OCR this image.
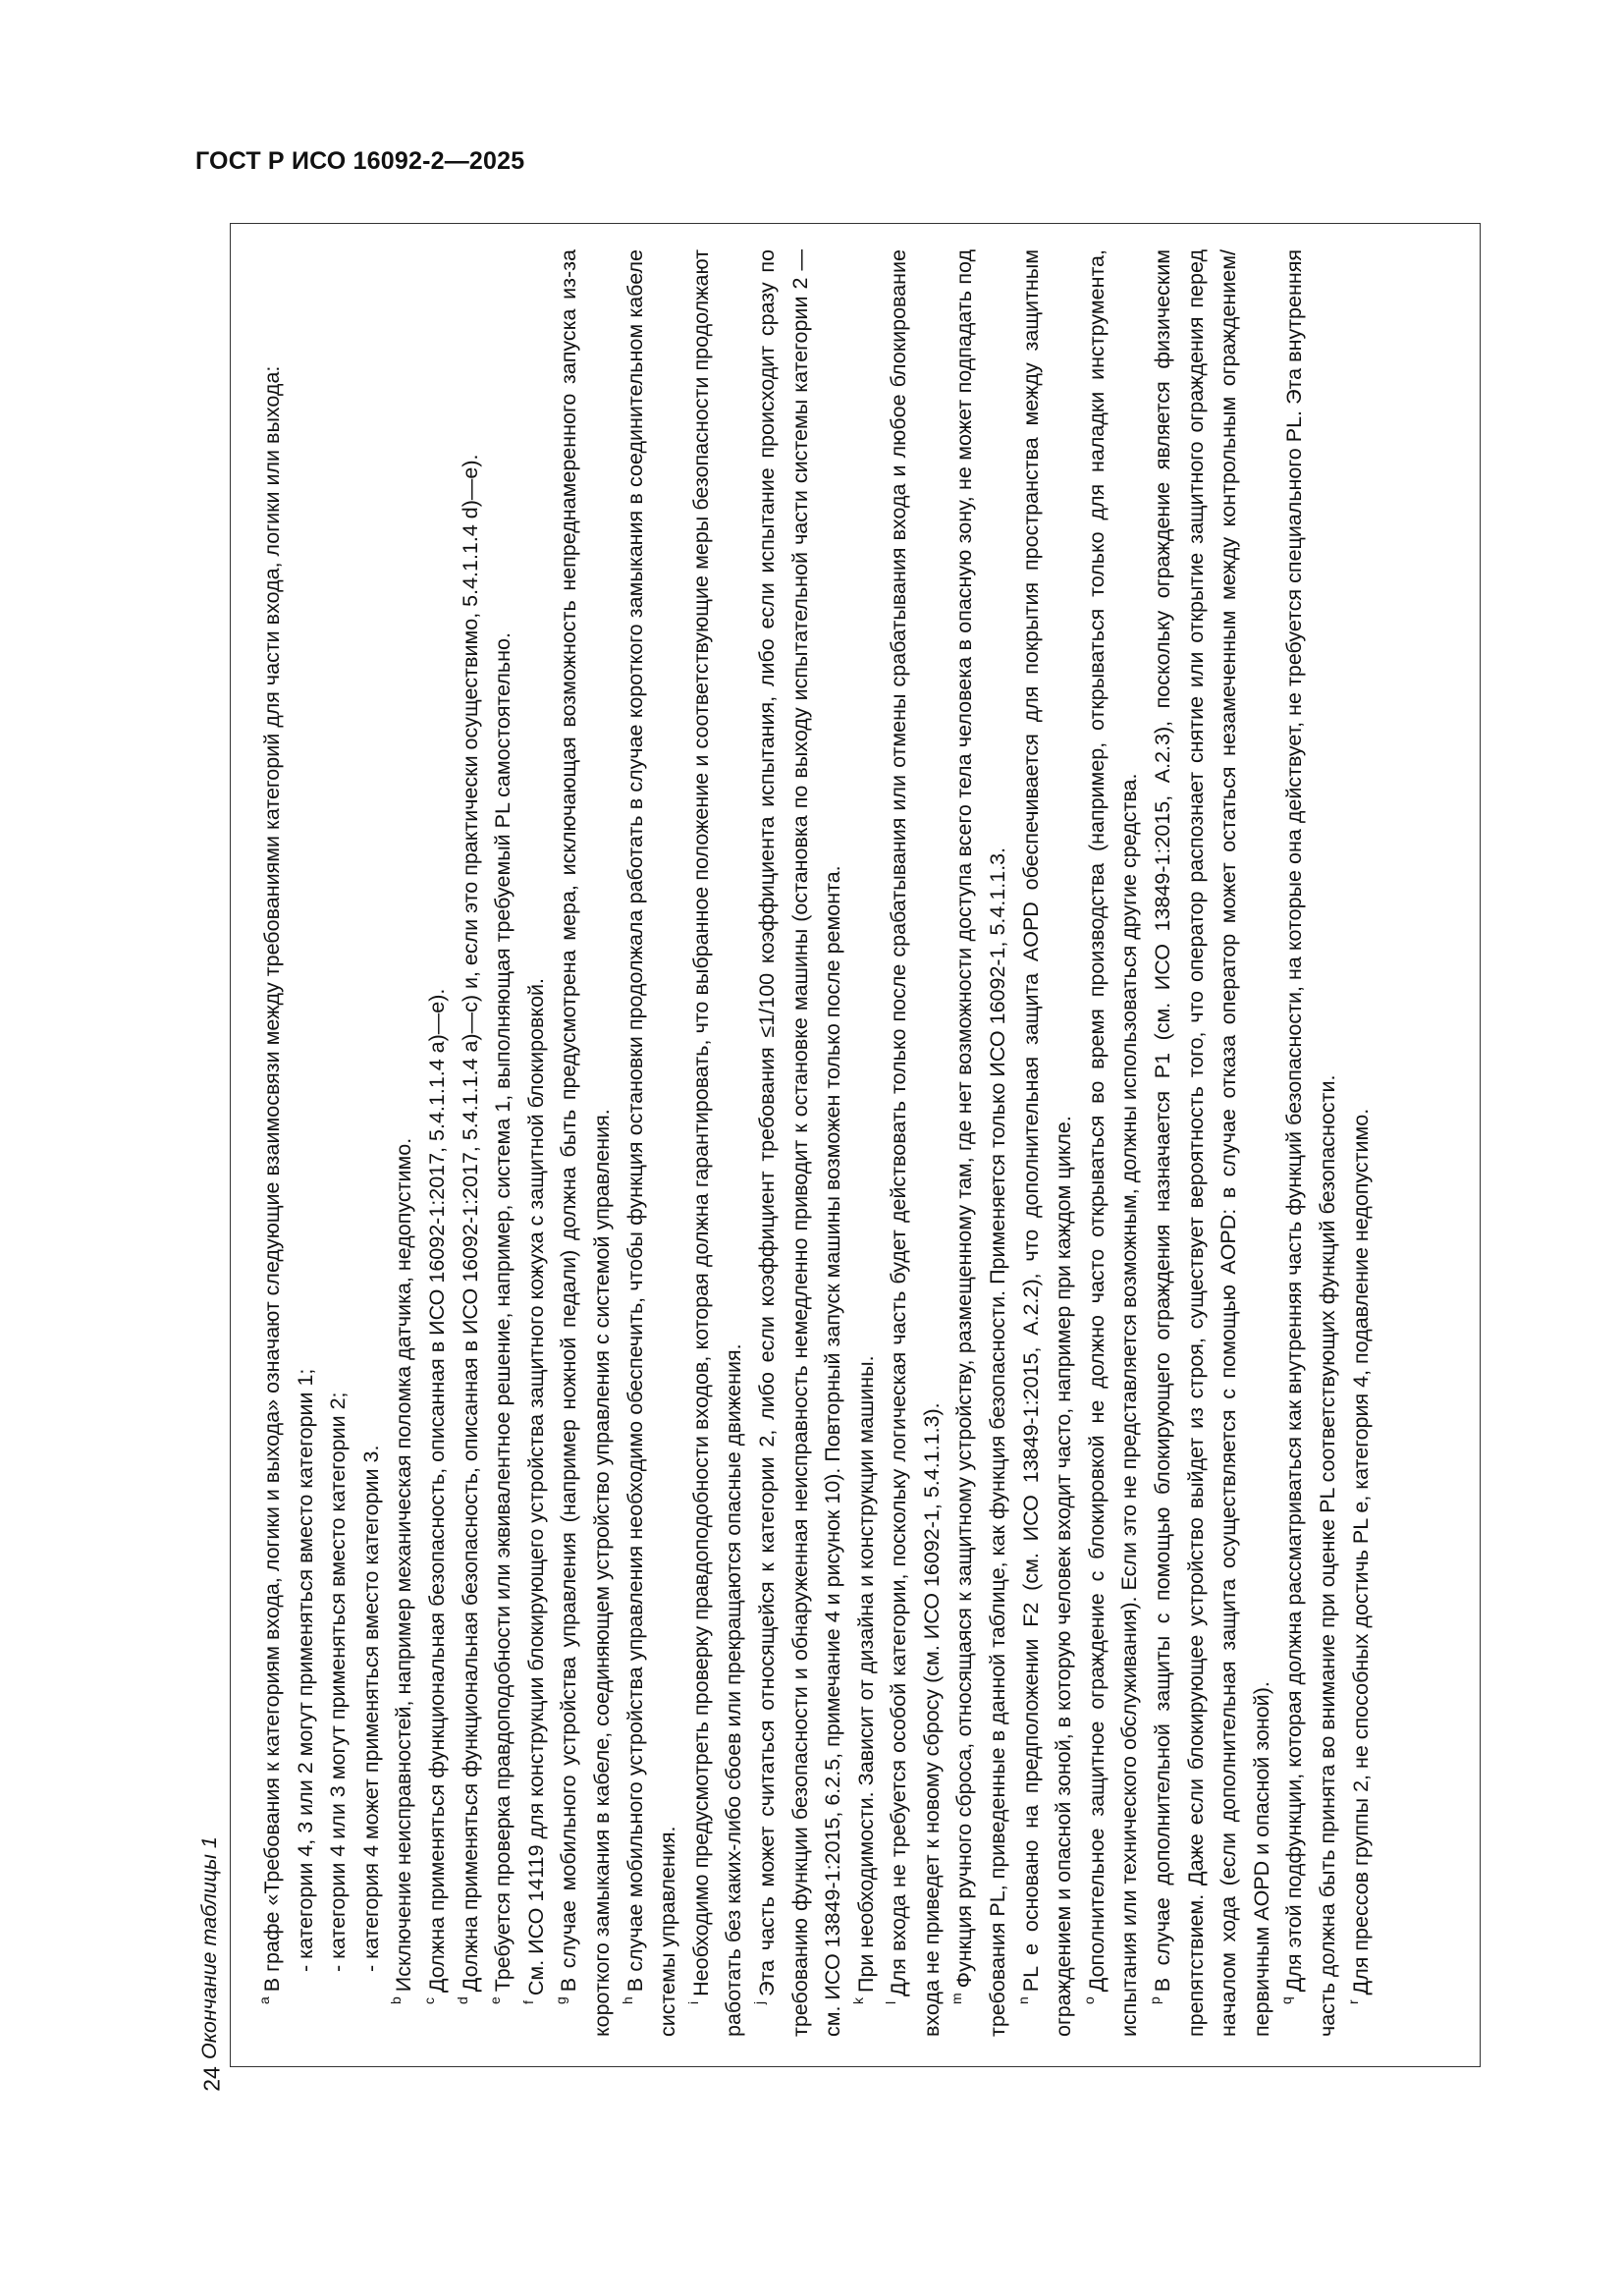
ГОСТ Р ИСО 16092-2—2025
24
Окончание таблицы 1	$^a$В графе «Требования к категориям входа, логики и выхода» означают следующие взаимосвязи между требованиями категорий для части входа, логики или выхода: - категории 4, 3 или 2 могут применяться вместо категории 1; - категории 4 или 3 могут применяться вместо категории 2; - категория 4 может применяться вместо категории 3.

$^b$Исключение неисправностей, например механическая поломка датчика, недопустимо.

$^c$Должна применяться функциональная безопасность, описанная в ИСО 16092-1:2017, 5.4.1.1.4 a)—e).

$^d$Должна применяться функциональная безопасность, описанная в ИСО 16092-1:2017, 5.4.1.1.4 a)—c) и, если это практически осуществимо, 5.4.1.1.4 d)—e).

$^e$Требуется проверка правдоподобности или эквивалентное решение, например, система 1, выполняющая требуемый PL самостоятельно.

$^f$См. ИСО 14119 для конструкции блокирующего устройства защитного кожуха с защитной блокировкой.

$^g$В случае мобильного устройства управления (например ножной педали) должна быть предусмотрена мера, исключающая возможность непреднамеренного запуска из-за короткого замыкания в кабеле, соединяющем устройство управления с системой управления. $^h$В случае мобильного устройства управления необходимо обеспечить, чтобы функция остановки продолжала работать в случае короткого замыкания в соединительном кабеле системы управления. $^i$Необходимо предусмотреть проверку правдоподобности входов, которая должна гарантировать, что выбранное положение и соответствующие меры безопасности продолжают работать без каких-либо сбоев или прекращаются опасные движения. $^j$Эта часть может считаться относящейся к категории 2, либо если коэффициент требования ≤1/100 коэффициента испытания, либо если испытание происходит сразу по требованию функции безопасности и обнаруженная неисправность немедленно приводит к остановке машины (остановка по выходу испытательной части системы категории 2 — см. ИСО 13849-1:2015, 6.2.5, примечание 4 и рисунок 10). Повторный запуск машины возможен только после ремонта. $^k$При необходимости. Зависит от дизайна и конструкции машины.

$^l$Для входа не требуется особой категории, поскольку логическая часть будет действовать только после срабатывания или отмены срабатывания входа и любое блокирование входа не приведет к новому сбросу (см. ИСО 16092-1, 5.4.1.1.3). $^m$Функция ручного сброса, относящаяся к защитному устройству, размещенному там, где нет возможности доступа всего тела человека в опасную зону, не может подпадать под требования PL, приведенные в данной таблице, как функция безопасности. Применяется только ИСО 16092-1, 5.4.1.1.3. $^n$PL e основано на предположении F2 (см. ИСО 13849-1:2015, A.2.2), что дополнительная защита AOPD обеспечивается для покрытия пространства между защитным ограждением и опасной зоной, в которую человек входит часто, например при каждом цикле. $^o$Дополнительное защитное ограждение с блокировкой не должно часто открываться во время производства (например, открываться только для наладки инструмента, испытания или технического обслуживания). Если это не представляется возможным, должны использоваться другие средства. $^p$В случае дополнительной защиты с помощью блокирующего ограждения назначается P1 (см. ИСО 13849-1:2015, A.2.3), поскольку ограждение является физическим препятствием. Даже если блокирующее устройство выйдет из строя, существует вероятность того, что оператор распознает снятие или открытие защитного ограждения перед началом хода (если дополнительная защита осуществляется с помощью AOPD: в случае отказа оператор может остаться незамеченным между контрольным ограждением/первичным AOPD и опасной зоной). $^q$Для этой подфункции, которая должна рассматриваться как внутренняя часть функций безопасности, на которые она действует, не требуется специального PL. Эта внутренняя часть должна быть принята во внимание при оценке PL соответствующих функций безопасности. $^r$Для прессов группы 2, не способных достичь PL e, категория 4, подавление недопустимо.
